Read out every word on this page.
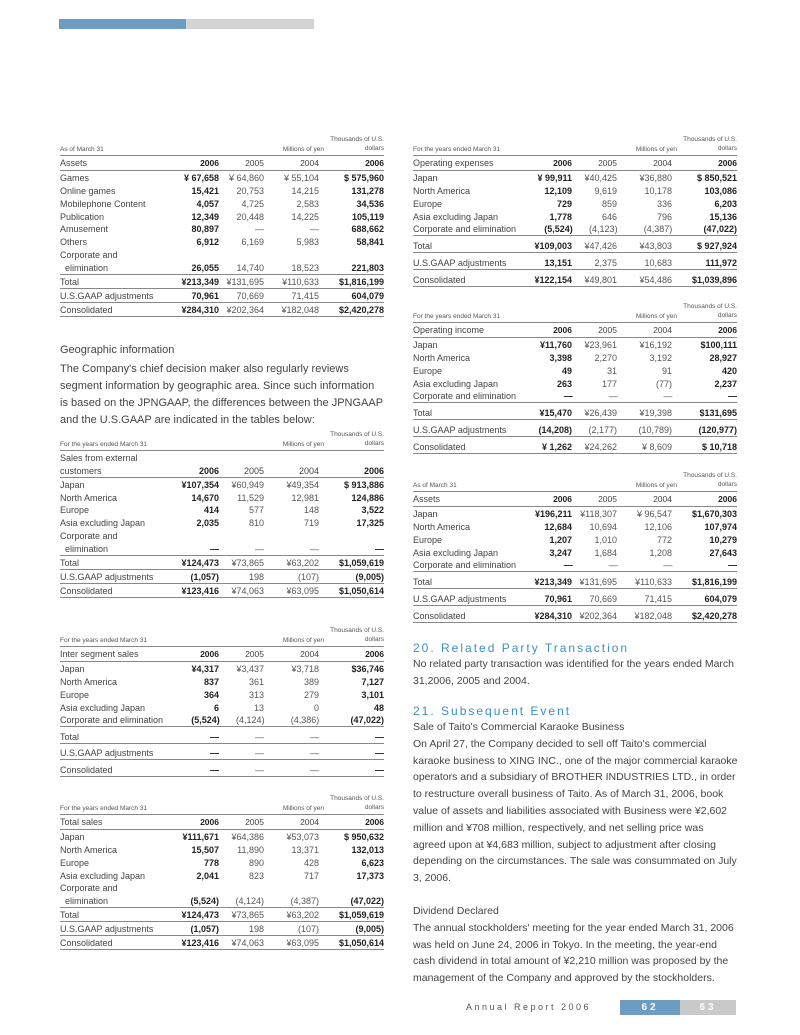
As of March 31	Millions of yen
Thousands of U.S. dollars
Assets	2006	2005	2004	2006
Games	¥ 67,658	¥ 64,860	¥ 55,104	$ 575,960
Online games	15,421	20,753	14,215	131,278
Mobilephone Content	4,057	4,725	2,583	34,536
Publication	12,349	20,448	14,225	105,119
Amusement	80,897	—	—	688,662
Others	6,912	6,169	5,983	58,841
Corporate and
elimination	26,055	14,740	18,523	221,803
Total	¥213,349 ¥131,695	¥110,633	$1,816,199
U.S.GAAP adjustments	70,961	70,669	71,415	604,079
Consolidated	¥284,310 ¥202,364	¥182,048	$2,420,278
Geographic information

The Company's chief decision maker also regularly reviews segment information by geographic area. Since such information is based on the JPNGAAP, the differences between the JPNGAAP and the U.S.GAAP are indicated in the tables below:

For the years ended March 31	Millions of yen
Thousands of U.S. dollars
Sales from external
customers	2006	2005	2004	2006
Japan	¥107,354	¥60,949	¥49,354	$ 913,886
North America	14,670	11,529	12,981	124,886
Europe	414	577	148	3,522
Asia excluding Japan	2,035	810	719	17,325
Corporate and
elimination	—	—	—	—
Total	¥124,473	¥73,865	¥63,202	$1,059,619
U.S.GAAP adjustments	(1,057)	198	(107)	(9,005)
Consolidated	¥123,416	¥74,063	¥63,095	$1,050,614
For the years ended March 31	Millions of yen
Thousands of U.S. dollars
Inter segment sales	2006	2005	2004	2006
Japan	¥4,317	¥3,437	¥3,718	$36,746
North America	837	361	389	7,127
Europe	364	313	279	3,101
Asia excluding Japan	6	13	0	48
Corporate and elimination	(5,524)	(4,124)	(4,386)	(47,022)
Total	—	—	—	—
U.S.GAAP adjustments	—	—	—	—
Consolidated	—	—	—	—
For the years ended March 31	Millions of yen
Thousands of U.S. dollars
Total sales	2006	2005	2004	2006
Japan	¥111,671	¥64,386	¥53,073	$ 950,632
North America	15,507	11,890	13,371	132,013
Europe	778	890	428	6,623
Asia excluding Japan	2,041	823	717	17,373
Corporate and
elimination	(5,524)	(4,124)	(4,387)	(47,022)
Total	¥124,473	¥73,865	¥63,202	$1,059,619
U.S.GAAP adjustments	(1,057)	198	(107)	(9,005)
Consolidated	¥123,416	¥74,063	¥63,095	$1,050,614
For the years ended March 31	Millions of yen
Thousands of U.S. dollars
Operating expenses	2006	2005	2004	2006
Japan	¥ 99,911	¥40,425	¥36,880	$ 850,521
North America	12,109	9,619	10,178	103,086
Europe	729	859	336	6,203
Asia excluding Japan	1,778	646	796	15,136
Corporate and elimination	(5,524)	(4,123)	(4,387)	(47,022)
Total	¥109,003	¥47,426	¥43,803	$ 927,924
U.S.GAAP adjustments	13,151	2,375	10,683	111,972
Consolidated	¥122,154	¥49,801	¥54,486	$1,039,896
For the years ended March 31	Millions of yen
Thousands of U.S. dollars
Operating income	2006	2005	2004	2006
Japan	¥11,760	¥23,961	¥16,192	$100,111
North America	3,398	2,270	3,192	28,927
Europe	49	31	91	420
Asia excluding Japan	263	177	(77)	2,237
Corporate and elimination	—	—	—	—
Total	¥15,470	¥26,439	¥19,398	$131,695
U.S.GAAP adjustments	(14,208)	(2,177)	(10,789)	(120,977)
Consolidated	¥ 1,262	¥24,262	¥ 8,609	$ 10,718
As of March 31	Millions of yen
Thousands of U.S. dollars
Assets	2006	2005	2004	2006
Japan	¥196,211 ¥118,307	¥ 96,547	$1,670,303
North America	12,684	10,694	12,106	107,974
Europe	1,207	1,010	772	10,279
Asia excluding Japan	3,247	1,684	1,208	27,643
Corporate and elimination	—	—	—	—
Total	¥213,349 ¥131,695	¥110,633	$1,816,199
U.S.GAAP adjustments	70,961	70,669	71,415	604,079
Consolidated	¥284,310 ¥202,364	¥182,048	$2,420,278
20. Related Party Transaction

No related party transaction was identified for the years ended March 31,2006, 2005 and 2004.

21. Subsequent Event

Sale of Taito's Commercial Karaoke Business

On April 27, the Company decided to sell off Taito's commercial karaoke business to XING INC., one of the major commercial karaoke operators and a subsidiary of BROTHER INDUSTRIES LTD., in order to restructure overall business of Taito. As of March 31, 2006, book value of assets and liabilities associated with Business were ¥2,602 million and ¥708 million, respectively, and net selling price was agreed upon at ¥4,683 million, subject to adjustment after closing depending on the circumstances. The sale was consummated on July 3, 2006.

Dividend Declared

The annual stockholders' meeting for the year ended March 31, 2006 was held on June 24, 2006 in Tokyo. In the meeting, the year-end cash dividend in total amount of ¥2,210 million was proposed by the management of the Company and approved by the stockholders.

Annual Report 2006	62	63
